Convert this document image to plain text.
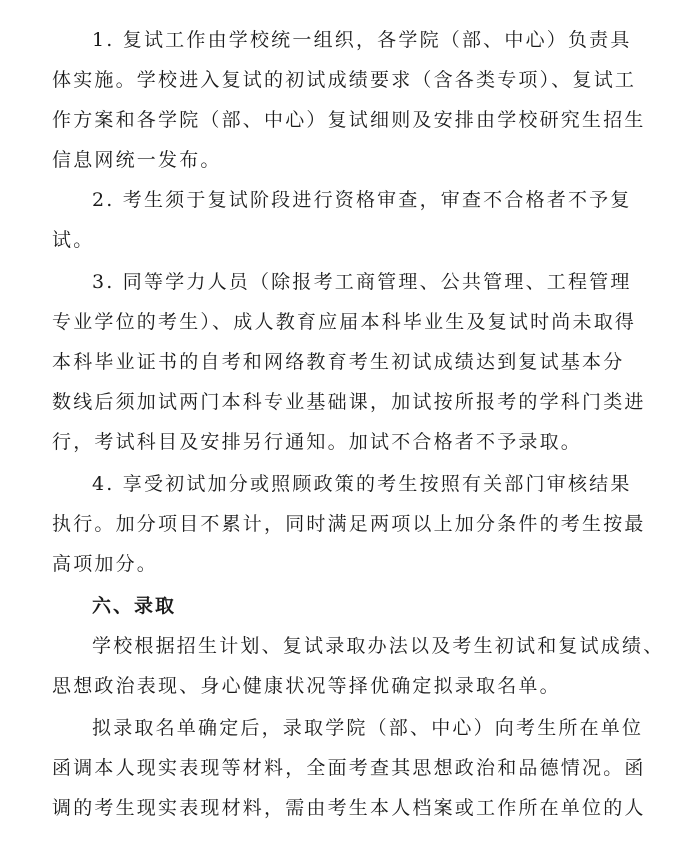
1. 复试工作由学校统一组织，各学院（部、中心）负责具
体实施。学校进入复试的初试成绩要求（含各类专项）、复试工
作方案和各学院（部、中心）复试细则及安排由学校研究生招生
信息网统一发布。
2. 考生须于复试阶段进行资格审查，审查不合格者不予复
试。
3. 同等学力人员（除报考工商管理、公共管理、工程管理
专业学位的考生）、成人教育应届本科毕业生及复试时尚未取得
本科毕业证书的自考和网络教育考生初试成绩达到复试基本分
数线后须加试两门本科专业基础课，加试按所报考的学科门类进
行，考试科目及安排另行通知。加试不合格者不予录取。
4. 享受初试加分或照顾政策的考生按照有关部门审核结果
执行。加分项目不累计，同时满足两项以上加分条件的考生按最
高项加分。
六、录取
学校根据招生计划、复试录取办法以及考生初试和复试成绩、
思想政治表现、身心健康状况等择优确定拟录取名单。
拟录取名单确定后，录取学院（部、中心）向考生所在单位
函调本人现实表现等材料，全面考查其思想政治和品德情况。函
调的考生现实表现材料，需由考生本人档案或工作所在单位的人
